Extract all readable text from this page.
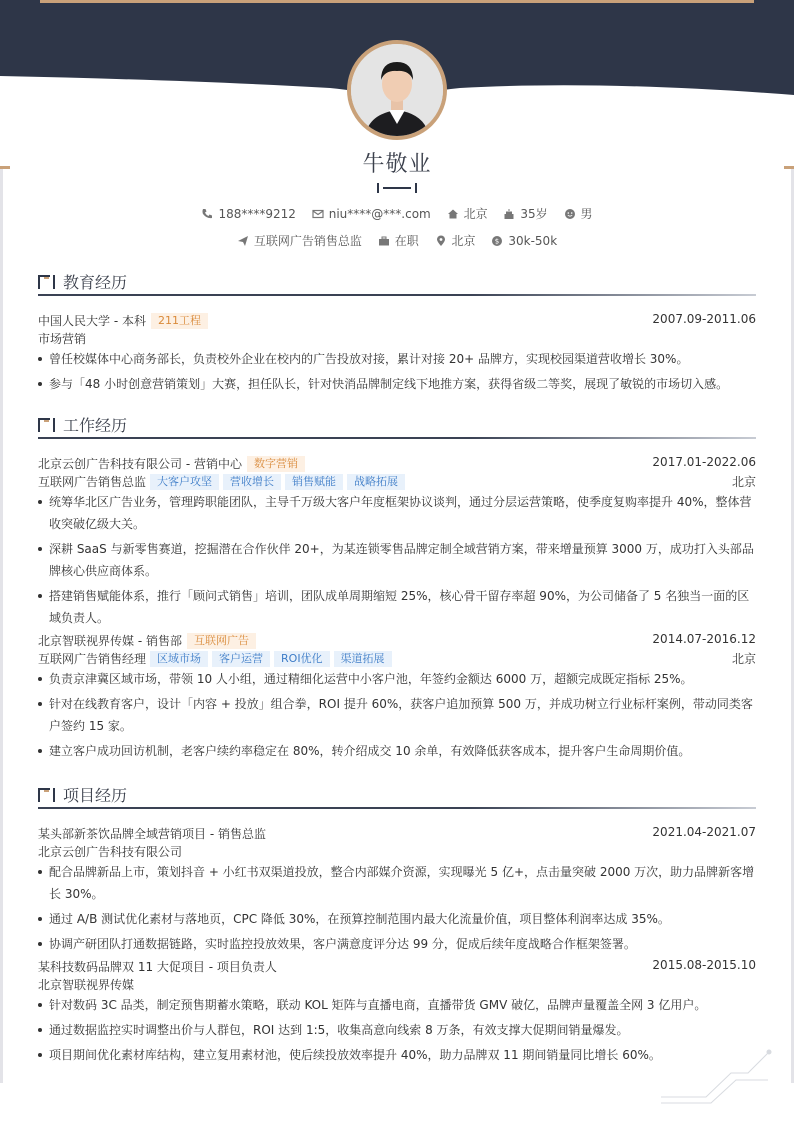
牛敬业
188****9212
	niu****@***.com
	北京
	35岁
	男
互联网广告销售总监
	在职
	北京
	$ 30k-50k
教育经历
中国人民大学 - 本科	211工程	2007.09-2011.06
市场营销
曾任校媒体中心商务部长，负责校外企业在校内的广告投放对接，累计对接 20+ 品牌方，实现校园渠道营收增长 30%。
参与「48 小时创意营销策划」大赛，担任队长，针对快消品牌制定线下地推方案，获得省级二等奖，展现了敏锐的市场切入感。
工作经历
北京云创广告科技有限公司 - 营销中心	数字营销	2017.01-2022.06
互联网广告销售总监	大客户攻坚	营收增长	销售赋能	战略拓展	北京
统筹华北区广告业务，管理跨职能团队，主导千万级大客户年度框架协议谈判，通过分层运营策略，使季度复购率提升 40%，整体营收突破亿级大关。
深耕 SaaS 与新零售赛道，挖掘潜在合作伙伴 20+，为某连锁零售品牌定制全域营销方案，带来增量预算 3000 万，成功打入头部品牌核心供应商体系。
搭建销售赋能体系，推行「顾问式销售」培训，团队成单周期缩短 25%，核心骨干留存率超 90%，为公司储备了 5 名独当一面的区域负责人。
北京智联视界传媒 - 销售部	互联网广告	2014.07-2016.12
互联网广告销售经理	区域市场	客户运营	ROI优化	渠道拓展	北京
负责京津冀区域市场，带领 10 人小组，通过精细化运营中小客户池，年签约金额达 6000 万，超额完成既定指标 25%。
针对在线教育客户，设计「内容 + 投放」组合拳，ROI 提升 60%，获客户追加预算 500 万，并成功树立行业标杆案例，带动同类客户签约 15 家。
建立客户成功回访机制，老客户续约率稳定在 80%，转介绍成交 10 余单，有效降低获客成本，提升客户生命周期价值。
项目经历
某头部新茶饮品牌全域营销项目 - 销售总监	2021.04-2021.07
北京云创广告科技有限公司
配合品牌新品上市，策划抖音 + 小红书双渠道投放，整合内部媒介资源，实现曝光 5 亿+，点击量突破 2000 万次，助力品牌新客增长 30%。
通过 A/B 测试优化素材与落地页，CPC 降低 30%，在预算控制范围内最大化流量价值，项目整体利润率达成 35%。
协调产研团队打通数据链路，实时监控投放效果，客户满意度评分达 99 分，促成后续年度战略合作框架签署。
某科技数码品牌双 11 大促项目 - 项目负责人	2015.08-2015.10
北京智联视界传媒
针对数码 3C 品类，制定预售期蓄水策略，联动 KOL 矩阵与直播电商，直播带货 GMV 破亿，品牌声量覆盖全网 3 亿用户。
通过数据监控实时调整出价与人群包，ROI 达到 1:5，收集高意向线索 8 万条，有效支撑大促期间销量爆发。
项目期间优化素材库结构，建立复用素材池，使后续投放效率提升 40%，助力品牌双 11 期间销量同比增长 60%。
